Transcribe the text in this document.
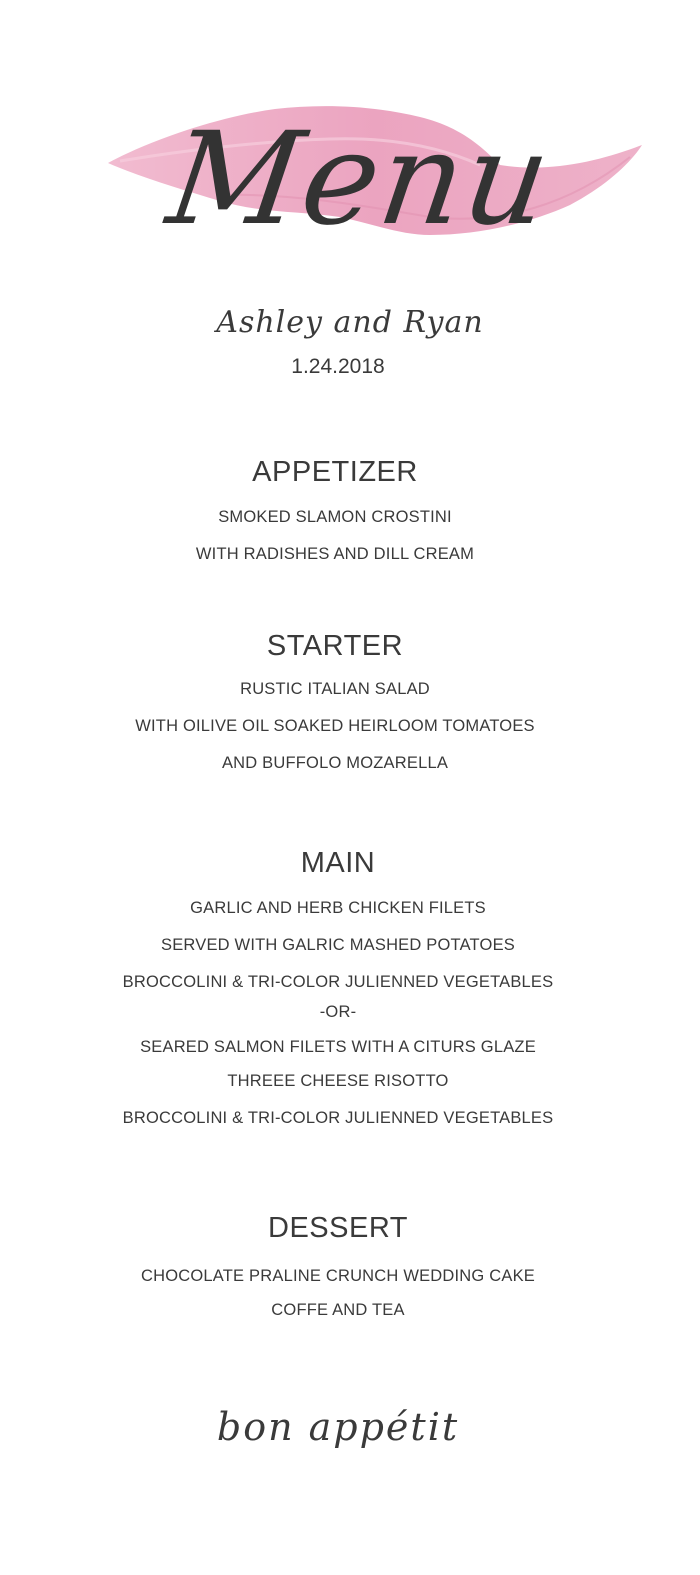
Menu
Ashley and Ryan
1.24.2018
APPETIZER
SMOKED SLAMON CROSTINI
WITH RADISHES AND DILL CREAM
STARTER
RUSTIC ITALIAN SALAD
WITH OILIVE OIL SOAKED HEIRLOOM TOMATOES
AND BUFFOLO MOZARELLA
MAIN
GARLIC AND HERB CHICKEN FILETS
SERVED WITH GALRIC MASHED POTATOES
BROCCOLINI & TRI-COLOR JULIENNED VEGETABLES
-OR-
SEARED SALMON FILETS WITH A CITURS GLAZE
THREEE CHEESE RISOTTO
BROCCOLINI & TRI-COLOR JULIENNED VEGETABLES
DESSERT
CHOCOLATE PRALINE CRUNCH WEDDING CAKE
COFFE AND TEA
bon appétit
